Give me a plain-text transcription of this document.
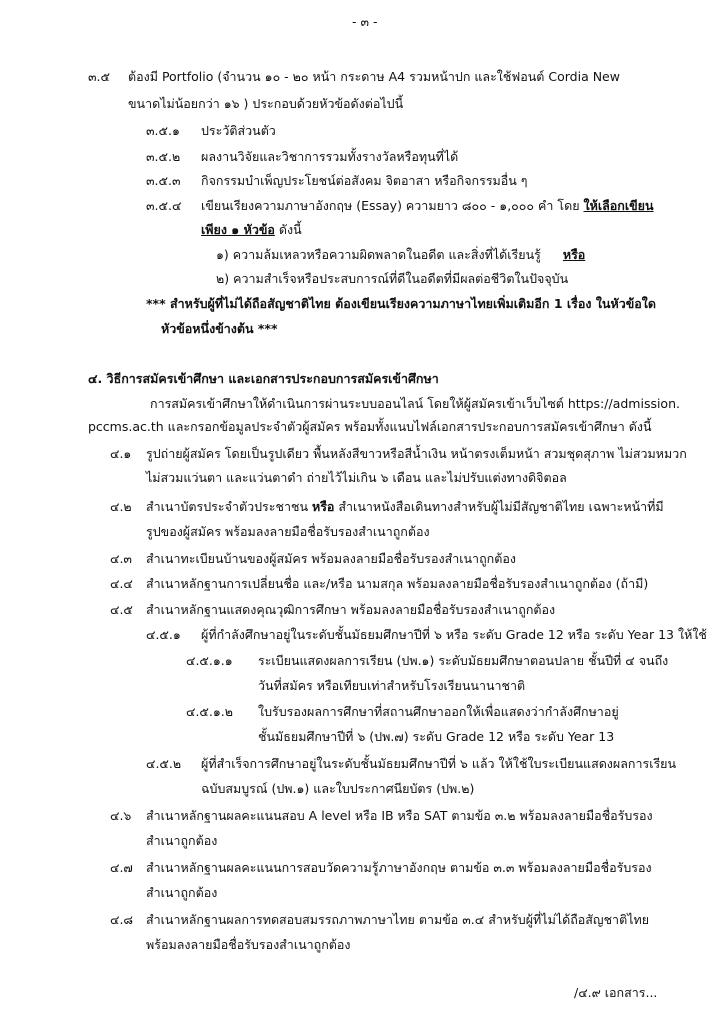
- ๓ -
๓.๕ ต้องมี Portfolio (จำนวน ๑๐ - ๒๐ หน้า กระดาษ A4 รวมหน้าปก และใช้ฟอนต์ Cordia New
ขนาดไม่น้อยกว่า ๑๖ ) ประกอบด้วยหัวข้อดังต่อไปนี้
๓.๕.๑ ประวัติส่วนตัว
๓.๕.๒ ผลงานวิจัยและวิชาการรวมทั้งรางวัลหรือทุนที่ได้
๓.๕.๓ กิจกรรมบำเพ็ญประโยชน์ต่อสังคม จิตอาสา หรือกิจกรรมอื่น ๆ
๓.๕.๔ เขียนเรียงความภาษาอังกฤษ (Essay) ความยาว ๘๐๐ - ๑,๐๐๐ คำ โดย ให้เลือกเขียน
เพียง ๑ หัวข้อ ดังนี้
๑) ความล้มเหลวหรือความผิดพลาดในอดีต และสิ่งที่ได้เรียนรู้ หรือ
๒) ความสำเร็จหรือประสบการณ์ที่ดีในอดีตที่มีผลต่อชีวิตในปัจจุบัน
*** สำหรับผู้ที่ไม่ได้ถือสัญชาติไทย ต้องเขียนเรียงความภาษาไทยเพิ่มเติมอีก 1 เรื่อง ในหัวข้อใด
หัวข้อหนึ่งข้างต้น ***
๔. วิธีการสมัครเข้าศึกษา และเอกสารประกอบการสมัครเข้าศึกษา
การสมัครเข้าศึกษาให้ดำเนินการผ่านระบบออนไลน์ โดยให้ผู้สมัครเข้าเว็บไซต์ https://admission.
pccms.ac.th และกรอกข้อมูลประจำตัวผู้สมัคร พร้อมทั้งแนบไฟล์เอกสารประกอบการสมัครเข้าศึกษา ดังนี้
๔.๑ รูปถ่ายผู้สมัคร โดยเป็นรูปเดียว พื้นหลังสีขาวหรือสีน้ำเงิน หน้าตรงเต็มหน้า สวมชุดสุภาพ ไม่สวมหมวก
ไม่สวมแว่นตา และแว่นตาดำ ถ่ายไว้ไม่เกิน ๖ เดือน และไม่ปรับแต่งทางดิจิตอล
๔.๒ สำเนาบัตรประจำตัวประชาชน หรือ สำเนาหนังสือเดินทางสำหรับผู้ไม่มีสัญชาติไทย เฉพาะหน้าที่มี
รูปของผู้สมัคร พร้อมลงลายมือชื่อรับรองสำเนาถูกต้อง
๔.๓ สำเนาทะเบียนบ้านของผู้สมัคร พร้อมลงลายมือชื่อรับรองสำเนาถูกต้อง
๔.๔ สำเนาหลักฐานการเปลี่ยนชื่อ และ/หรือ นามสกุล พร้อมลงลายมือชื่อรับรองสำเนาถูกต้อง (ถ้ามี)
๔.๕ สำเนาหลักฐานแสดงคุณวุฒิการศึกษา พร้อมลงลายมือชื่อรับรองสำเนาถูกต้อง
๔.๕.๑ ผู้ที่กำลังศึกษาอยู่ในระดับชั้นมัธยมศึกษาปีที่ ๖ หรือ ระดับ Grade 12 หรือ ระดับ Year 13 ให้ใช้
๔.๕.๑.๑ ระเบียนแสดงผลการเรียน (ปพ.๑) ระดับมัธยมศึกษาตอนปลาย ชั้นปีที่ ๔ จนถึง
วันที่สมัคร หรือเทียบเท่าสำหรับโรงเรียนนานาชาติ
๔.๕.๑.๒ ใบรับรองผลการศึกษาที่สถานศึกษาออกให้เพื่อแสดงว่ากำลังศึกษาอยู่
ชั้นมัธยมศึกษาปีที่ ๖ (ปพ.๗) ระดับ Grade 12 หรือ ระดับ Year 13
๔.๕.๒ ผู้ที่สำเร็จการศึกษาอยู่ในระดับชั้นมัธยมศึกษาปีที่ ๖ แล้ว ให้ใช้ใบระเบียนแสดงผลการเรียน
ฉบับสมบูรณ์ (ปพ.๑) และใบประกาศนียบัตร (ปพ.๒)
๔.๖ สำเนาหลักฐานผลคะแนนสอบ A level หรือ IB หรือ SAT ตามข้อ ๓.๒ พร้อมลงลายมือชื่อรับรอง
สำเนาถูกต้อง
๔.๗ สำเนาหลักฐานผลคะแนนการสอบวัดความรู้ภาษาอังกฤษ ตามข้อ ๓.๓ พร้อมลงลายมือชื่อรับรอง
สำเนาถูกต้อง
๔.๘ สำเนาหลักฐานผลการทดสอบสมรรถภาพภาษาไทย ตามข้อ ๓.๔ สำหรับผู้ที่ไม่ได้ถือสัญชาติไทย
พร้อมลงลายมือชื่อรับรองสำเนาถูกต้อง
/๔.๙ เอกสาร...
